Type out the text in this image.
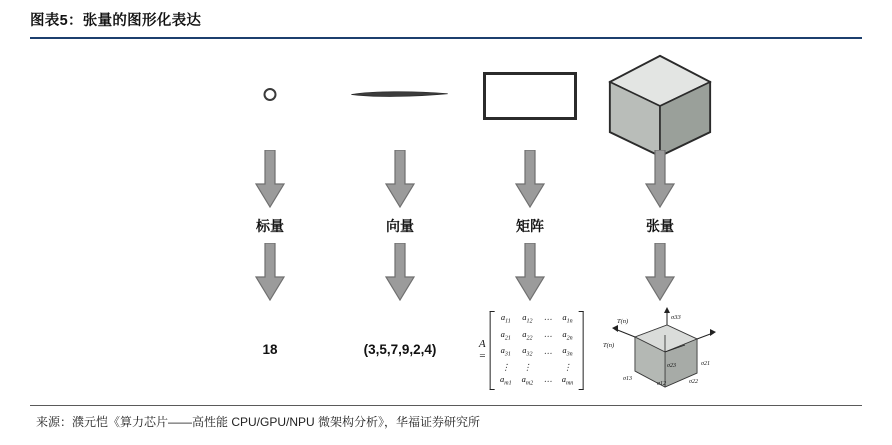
图表5：张量的图形化表达
标量
18
向量
(3,5,7,9,2,4)
矩阵
A =
$a_{11}$	$a_{12}$	⋯	$a_{1n}$
$a_{21}$	$a_{22}$	⋯	$a_{2n}$
$a_{31}$	$a_{32}$	⋯	$a_{3n}$
⋮	⋮		⋮
$a_{m1}$	$a_{m2}$	⋯	$a_{mn}$
张量
σ33
T(n)
T(n)
σ13
σ23
σ12	σ22
σ21
来源：濮元恺《算力芯片——高性能 CPU/GPU/NPU 微架构分析》，华福证券研究所
